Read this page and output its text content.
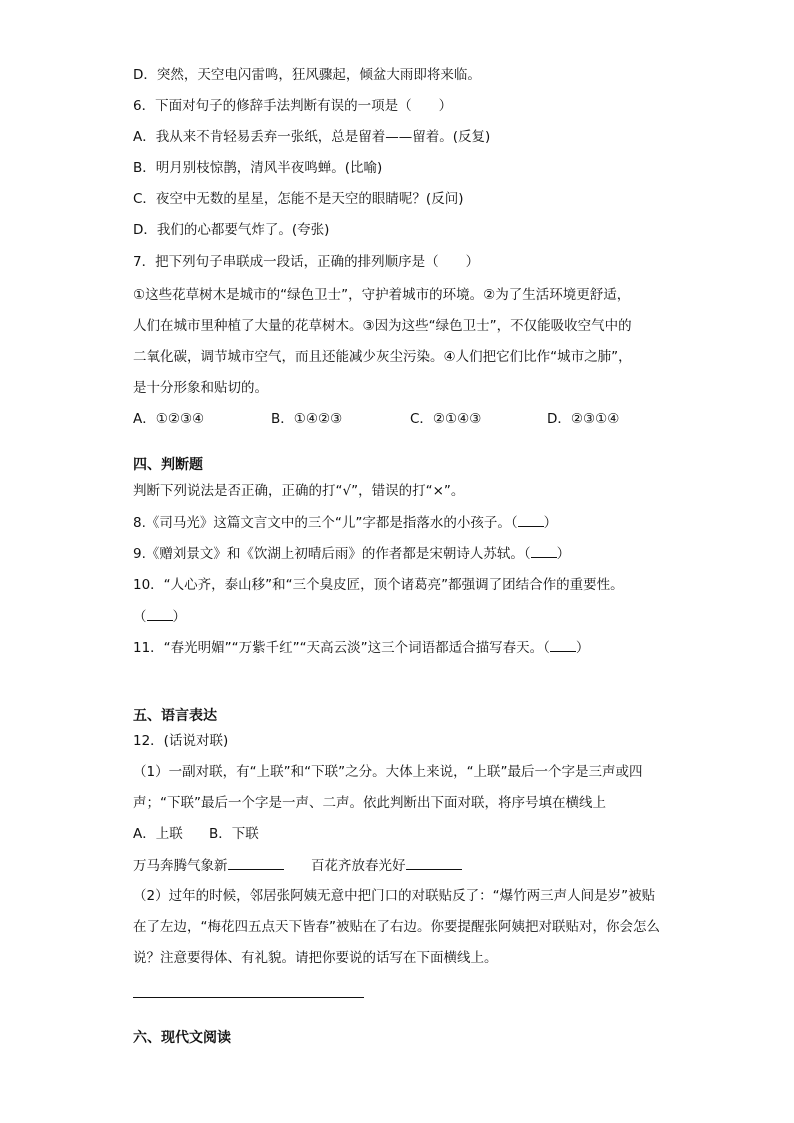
D．突然，天空电闪雷鸣，狂风骤起，倾盆大雨即将来临。

6．下面对句子的修辞手法判断有误的一项是（　　）

A．我从来不肯轻易丢弃一张纸，总是留着——留着。(反复)

B．明月别枝惊鹊，清风半夜鸣蝉。(比喻)

C．夜空中无数的星星，怎能不是天空的眼睛呢？(反问)

D．我们的心都要气炸了。(夸张)

7．把下列句子串联成一段话，正确的排列顺序是（　　）

①这些花草树木是城市的“绿色卫士”，守护着城市的环境。②为了生活环境更舒适，

人们在城市里种植了大量的花草树木。③因为这些“绿色卫士”，不仅能吸收空气中的

二氧化碳，调节城市空气，而且还能减少灰尘污染。④人们把它们比作“城市之肺”，

是十分形象和贴切的。

A．①②③④	B．①④②③	C．②①④③	D．②③①④

四、判断题

判断下列说法是否正确，正确的打“√”，错误的打“×”。

8.《司马光》这篇文言文中的三个“儿”字都是指落水的小孩子。（ ）

9.《赠刘景文》和《饮湖上初晴后雨》的作者都是宋朝诗人苏轼。（ ）

10．“人心齐，泰山移”和“三个臭皮匠，顶个诸葛亮”都强调了团结合作的重要性。

（ ）

11．“春光明媚”“万紫千红”“天高云淡”这三个词语都适合描写春天。（ ）

五、语言表达

12．(话说对联)

（1）一副对联，有“上联”和“下联”之分。大体上来说，“上联”最后一个字是三声或四

声；“下联”最后一个字是一声、二声。依此判断出下面对联，将序号填在横线上

A．上联 B．下联
万马奔腾气象新	百花齐放春光好

（2）过年的时候，邻居张阿姨无意中把门口的对联贴反了：“爆竹两三声人间是岁”被贴

在了左边，“梅花四五点天下皆春”被贴在了右边。你要提醒张阿姨把对联贴对，你会怎么

说？注意要得体、有礼貌。请把你要说的话写在下面横线上。

六、现代文阅读
